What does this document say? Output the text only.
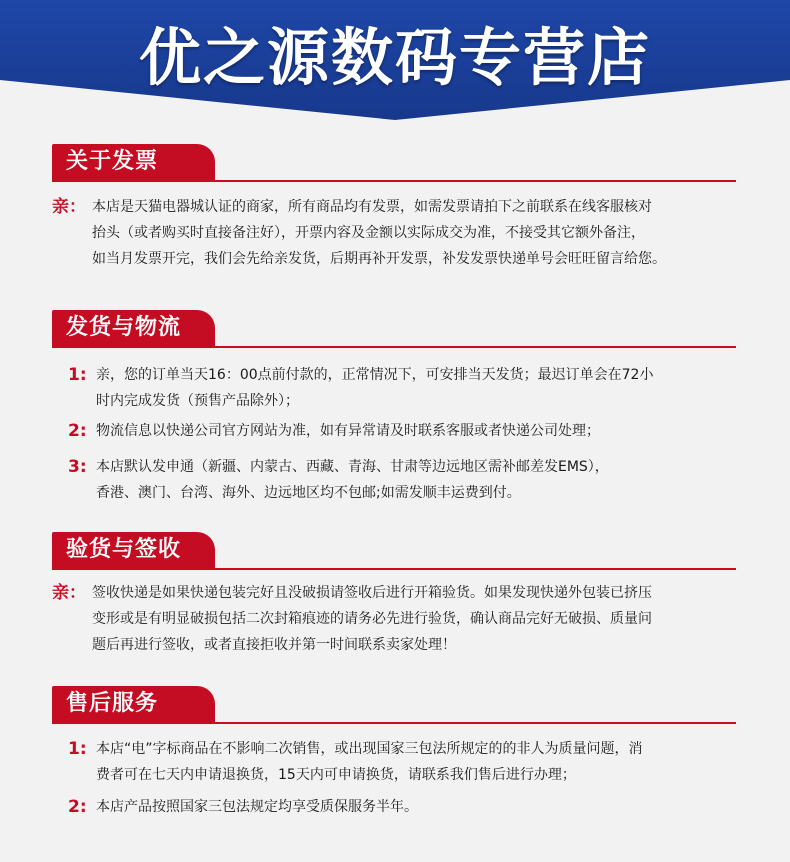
优之源数码专营店
关于发票
亲： 本店是天猫电器城认证的商家，所有商品均有发票，如需发票请拍下之前联系在线客服核对
抬头（或者购买时直接备注好），开票内容及金额以实际成交为准，不接受其它额外备注，
如当月发票开完，我们会先给亲发货，后期再补开发票，补发发票快递单号会旺旺留言给您。
发货与物流
1: 亲，您的订单当天16：00点前付款的，正常情况下，可安排当天发货；最迟订单会在72小
时内完成发货（预售产品除外）；
2: 物流信息以快递公司官方网站为准，如有异常请及时联系客服或者快递公司处理；
3: 本店默认发申通（新疆、内蒙古、西藏、青海、甘肃等边远地区需补邮差发EMS），
香港、澳门、台湾、海外、边远地区均不包邮;如需发顺丰运费到付。
验货与签收
亲： 签收快递是如果快递包装完好且没破损请签收后进行开箱验货。如果发现快递外包装已挤压
变形或是有明显破损包括二次封箱痕迹的请务必先进行验货，确认商品完好无破损、质量问
题后再进行签收，或者直接拒收并第一时间联系卖家处理！
售后服务
1: 本店“电”字标商品在不影响二次销售，或出现国家三包法所规定的的非人为质量问题，消
费者可在七天内申请退换货，15天内可申请换货，请联系我们售后进行办理；
2: 本店产品按照国家三包法规定均享受质保服务半年。
